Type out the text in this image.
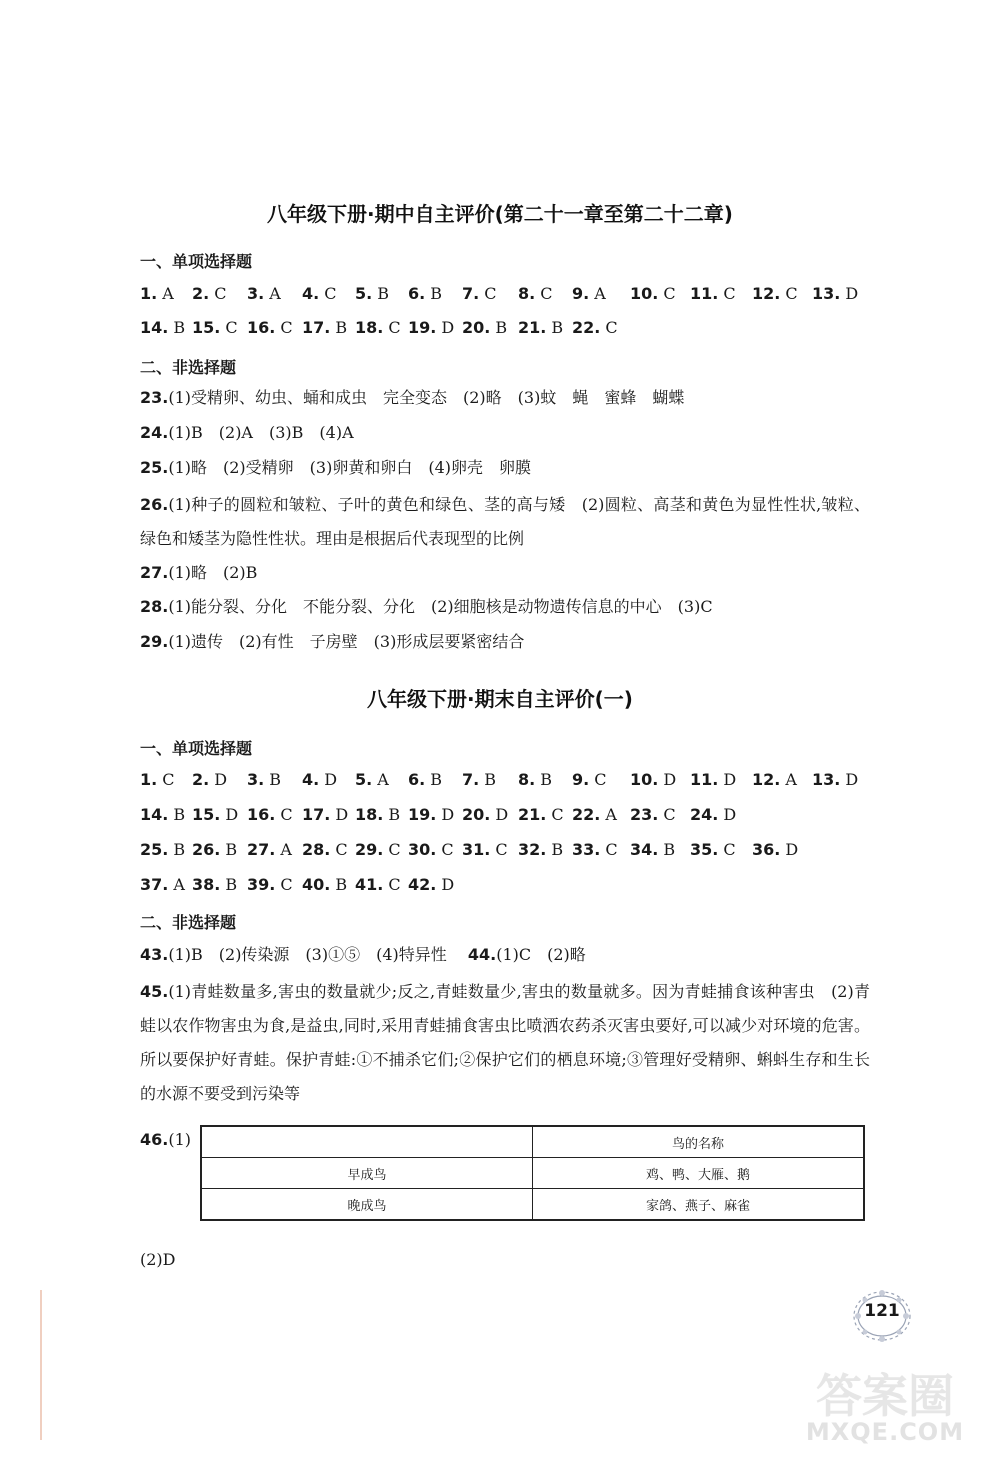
八年级下册·期中自主评价(第二十一章至第二十二章)
一、单项选择题
1. A 2. C 3. A 4. C 5. B 6. B 7. C 8. C 9. A 10. C 11. C 12. C 13. D
14. B 15. C 16. C 17. B 18. C 19. D 20. B 21. B 22. C
二、非选择题
23.(1)受精卵、幼虫、蛹和成虫　完全变态　(2)略　(3)蚊　蝇　蜜蜂　蝴蝶
24.(1)B　(2)A　(3)B　(4)A
25.(1)略　(2)受精卵　(3)卵黄和卵白　(4)卵壳　卵膜
26.(1)种子的圆粒和皱粒、子叶的黄色和绿色、茎的高与矮　(2)圆粒、高茎和黄色为显性性状,皱粒、绿色和矮茎为隐性性状。理由是根据后代表现型的比例
27.(1)略　(2)B
28.(1)能分裂、分化　不能分裂、分化　(2)细胞核是动物遗传信息的中心　(3)C
29.(1)遗传　(2)有性　子房壁　(3)形成层要紧密结合
八年级下册·期末自主评价(一)
一、单项选择题
1. C 2. D 3. B 4. D 5. A 6. B 7. B 8. B 9. C 10. D 11. D 12. A 13. D
14. B 15. D 16. C 17. D 18. B 19. D 20. D 21. C 22. A 23. C 24. D
25. B 26. B 27. A 28. C 29. C 30. C 31. C 32. B 33. C 34. B 35. C 36. D
37. A 38. B 39. C 40. B 41. C 42. D
二、非选择题
43.(1)B　(2)传染源　(3)①⑤　(4)特异性　 44.(1)C　(2)略
45.(1)青蛙数量多,害虫的数量就少;反之,青蛙数量少,害虫的数量就多。因为青蛙捕食该种害虫　(2)青蛙以农作物害虫为食,是益虫,同时,采用青蛙捕食害虫比喷洒农药杀灭害虫要好,可以减少对环境的危害。所以要保护好青蛙。保护青蛙:①不捕杀它们;②保护它们的栖息环境;③管理好受精卵、蝌蚪生存和生长的水源不要受到污染等
46.(1)
		鸟的名称
早成鸟	鸡、鸭、大雁、鹅
晚成鸟	家鸽、燕子、麻雀
(2)D
121
答案圈
MXQE.COM
